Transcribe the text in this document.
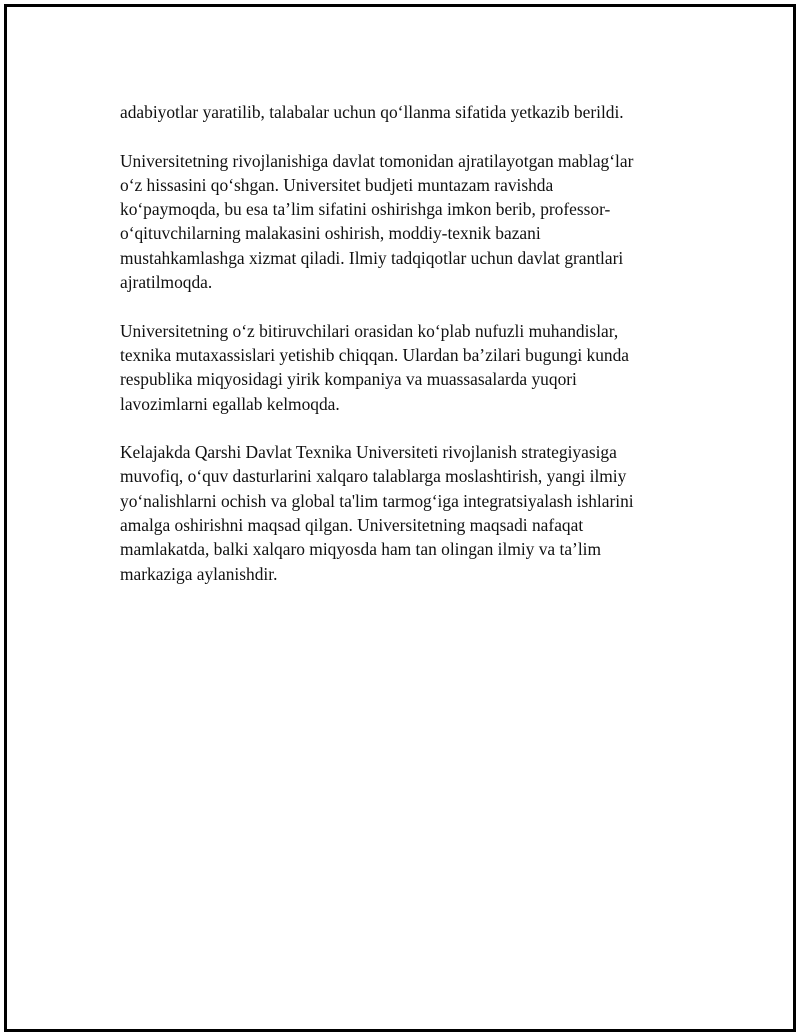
adabiyotlar yaratilib, talabalar uchun qo‘llanma sifatida yetkazib berildi.

Universitetning rivojlanishiga davlat tomonidan ajratilayotgan mablag‘lar
o‘z hissasini qo‘shgan. Universitet budjeti muntazam ravishda
ko‘paymoqda, bu esa ta’lim sifatini oshirishga imkon berib, professor-
o‘qituvchilarning malakasini oshirish, moddiy-texnik bazani
mustahkamlashga xizmat qiladi. Ilmiy tadqiqotlar uchun davlat grantlari
ajratilmoqda.

Universitetning o‘z bitiruvchilari orasidan ko‘plab nufuzli muhandislar,
texnika mutaxassislari yetishib chiqqan. Ulardan ba’zilari bugungi kunda
respublika miqyosidagi yirik kompaniya va muassasalarda yuqori
lavozimlarni egallab kelmoqda.

Kelajakda Qarshi Davlat Texnika Universiteti rivojlanish strategiyasiga
muvofiq, o‘quv dasturlarini xalqaro talablarga moslashtirish, yangi ilmiy
yo‘nalishlarni ochish va global ta'lim tarmog‘iga integratsiyalash ishlarini
amalga oshirishni maqsad qilgan. Universitetning maqsadi nafaqat
mamlakatda, balki xalqaro miqyosda ham tan olingan ilmiy va ta’lim
markaziga aylanishdir.
